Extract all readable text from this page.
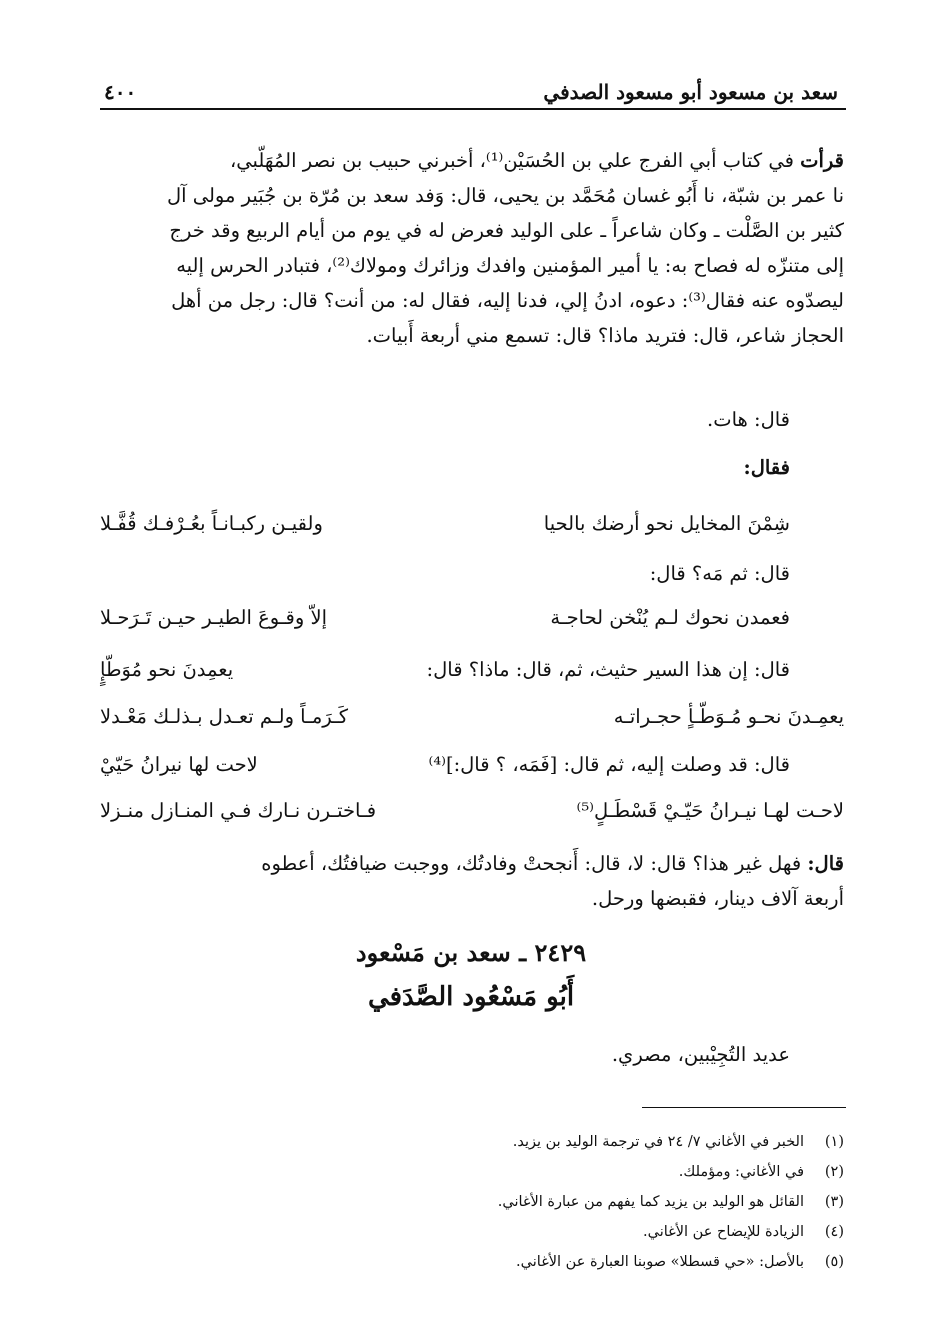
سعد بن مسعود أبو مسعود الصدفي
٤٠٠
قرأت في كتاب أبي الفرج علي بن الحُسَيْن⁽¹⁾، أخبرني حبيب بن نصر المُهَلّبي،
نا عمر بن شبّة، نا أَبُو غسان مُحَمَّد بن يحيى، قال: وَفد سعد بن مُرّة بن جُبَير مولى آل
كثير بن الصَّلْت ـ وكان شاعراً ـ على الوليد فعرض له في يوم من أيام الربيع وقد خرج
إلى متنزّه له فصاح به: يا أمير المؤمنين وافدك وزائرك ومولاك⁽²⁾، فتبادر الحرس إليه
ليصدّوه عنه فقال⁽³⁾: دعوه، ادنُ إلي، فدنا إليه، فقال له: من أنت؟ قال: رجل من أهل
الحجاز شاعر، قال: فتريد ماذا؟ قال: تسمع مني أربعة أَبيات.
قال: هات.
فقال:
شِمْنَ المخايل نحو أرضك بالحيا
ولقيـن ركبـانـاً بعُـرْفـك قُفَّـلا
قال: ثم مَه؟ قال:
فعمدن نحوك لـم يُنْخن لحاجـة
إلاّ وقـوعَ الطيـر حيـن تَـرَحـلا
قال: إن هذا السير حثيث، ثم، قال: ماذا؟ قال:
يعمِدنَ نحو مُوَطّإٍ
يعمِـدنَ نحـو مُـوَطّـأٍ حجـراتـه
كَـرَمـاً ولـم تعـدل بـذلـك مَعْـدلا
قال: قد وصلت إليه، ثم قال: [فَمَه، ؟ قال:]⁽⁴⁾
لاحت لها نيرانُ حَيّيْ
لاحـت لهـا نيـرانُ حَيّـيْ قَسْطَـلٍ⁽⁵⁾
فـاختـرن نـارك فـي المنـازل منـزلا
قال: فهل غير هذا؟ قال: لا، قال: أَنجحتْ وفادتُك، ووجبت ضيافتُك، أعطوه
أربعة آلاف دينار، فقبضها ورحل.
٢٤٢٩ ـ سعد بن مَسْعود
أَبُو مَسْعُود الصَّدَفي
عديد التُجِيْبين، مصري.
(١)الخبر في الأغاني ٧/ ٢٤ في ترجمة الوليد بن يزيد.
(٢)في الأغاني: ومؤملك.
(٣)القائل هو الوليد بن يزيد كما يفهم من عبارة الأغاني.
(٤)الزيادة للإيضاح عن الأغاني.
(٥)بالأصل: «حي قسطلا» صوبنا العبارة عن الأغاني.
